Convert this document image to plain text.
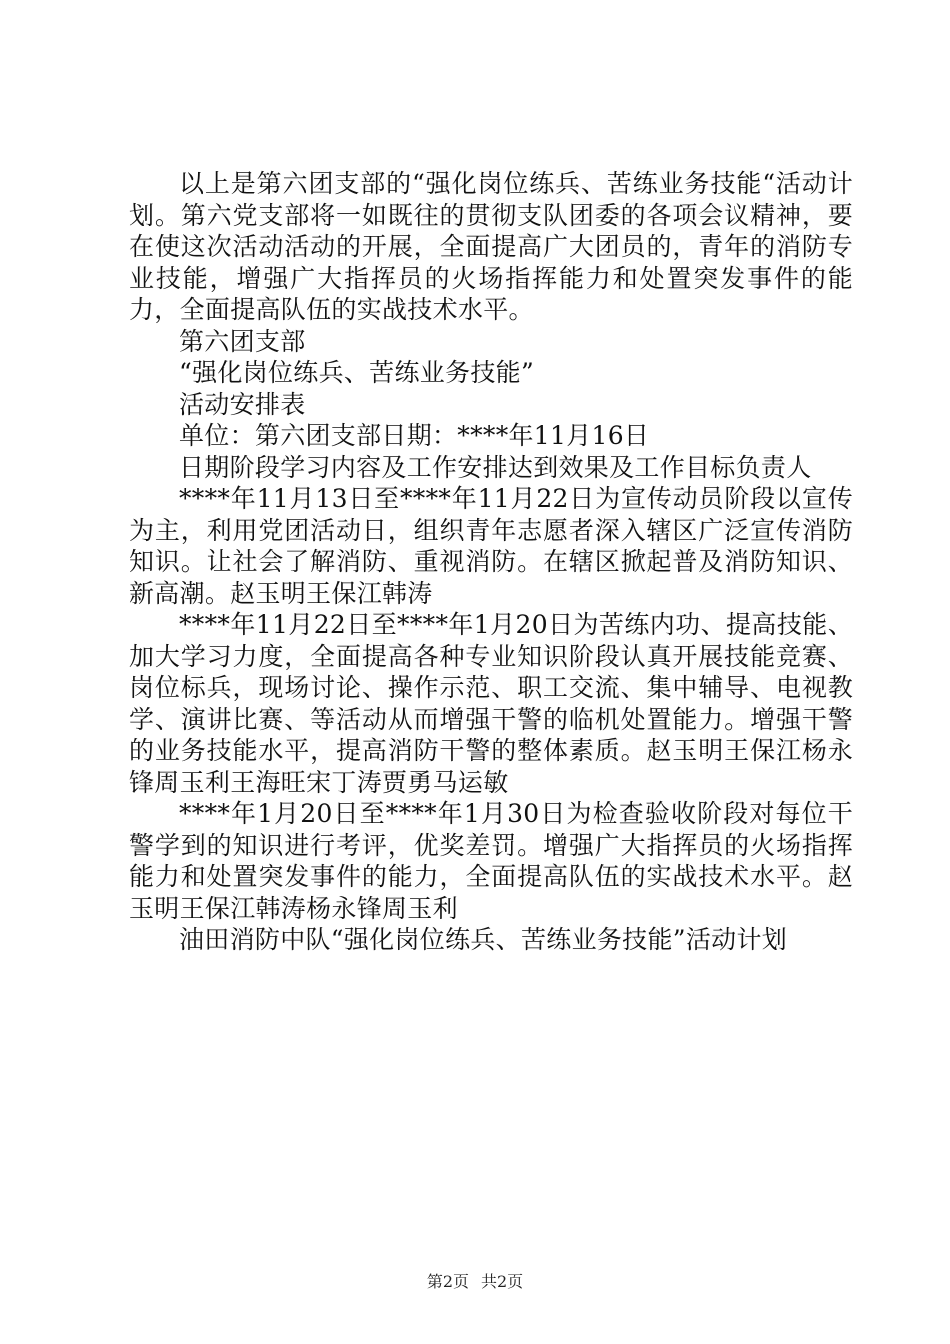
以上是第六团支部的“强化岗位练兵、苦练业务技能“活动计划。第六党支部将一如既往的贯彻支队团委的各项会议精神，要在使这次活动活动的开展，全面提高广大团员的，青年的消防专业技能，增强广大指挥员的火场指挥能力和处置突发事件的能力，全面提高队伍的实战技术水平。

第六团支部

“强化岗位练兵、苦练业务技能”

活动安排表

单位：第六团支部日期：****年11月16日

日期阶段学习内容及工作安排达到效果及工作目标负责人

****年11月13日至****年11月22日为宣传动员阶段以宣传为主，利用党团活动日，组织青年志愿者深入辖区广泛宣传消防知识。让社会了解消防、重视消防。在辖区掀起普及消防知识、新高潮。赵玉明王保江韩涛

****年11月22日至****年1月20日为苦练内功、提高技能、加大学习力度，全面提高各种专业知识阶段认真开展技能竞赛、岗位标兵，现场讨论、操作示范、职工交流、集中辅导、电视教学、演讲比赛、等活动从而增强干警的临机处置能力。增强干警的业务技能水平，提高消防干警的整体素质。赵玉明王保江杨永锋周玉利王海旺宋丁涛贾勇马运敏

****年1月20日至****年1月30日为检查验收阶段对每位干警学到的知识进行考评，优奖差罚。增强广大指挥员的火场指挥能力和处置突发事件的能力，全面提高队伍的实战技术水平。赵玉明王保江韩涛杨永锋周玉利

油田消防中队“强化岗位练兵、苦练业务技能”活动计划

第2页 共2页
